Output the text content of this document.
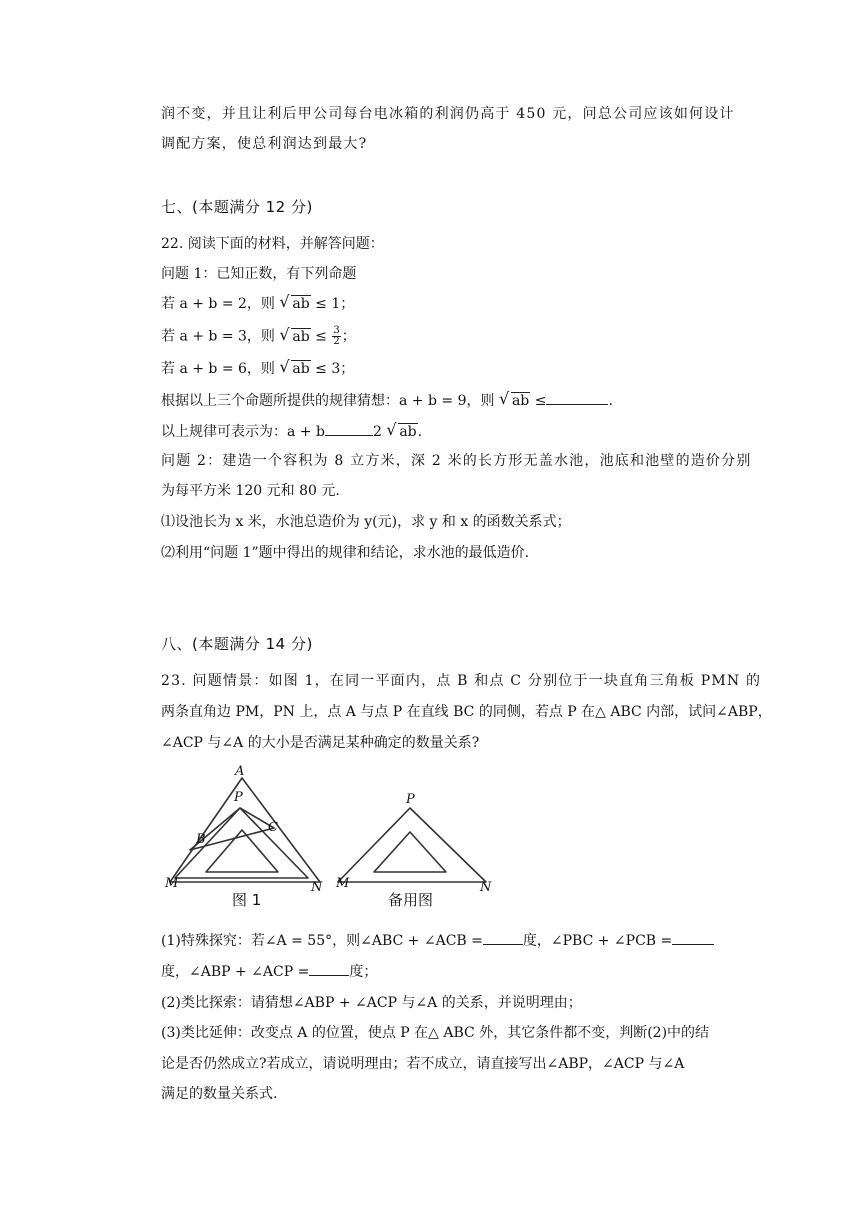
润不变，并且让利后甲公司每台电冰箱的利润仍高于 450 元，问总公司应该如何设计
调配方案，使总利润达到最大?
七、(本题满分 12 分)
22. 阅读下面的材料，并解答问题：
问题 1：已知正数，有下列命题
若 a + b = 2，则 √ ab ≤ 1；
若 a + b = 3，则 √ ab ≤ $\frac{3}{2}$ ；
若 a + b = 6，则 √ ab ≤ 3；
根据以上三个命题所提供的规律猜想：a + b = 9，则 √ ab ≤	.
以上规律可表示为：a + b	2 √ ab.
问题 2：建造一个容积为 8 立方米，深 2 米的长方形无盖水池，池底和池壁的造价分别
为每平方米 120 元和 80 元.
⑴设池长为 x 米，水池总造价为 y(元)，求 y 和 x 的函数关系式；
⑵利用“问题 1”题中得出的规律和结论，求水池的最低造价.
八、(本题满分 14 分)
23. 问题情景：如图 1，在同一平面内，点 B 和点 C 分别位于一块直角三角板 PMN 的
两条直角边 PM，PN 上，点 A 与点 P 在直线 BC 的同侧，若点 P 在△ ABC 内部，试问∠ABP，
∠ACP 与∠A 的大小是否满足某种确定的数量关系?
A
P
B
C
M	N
P
M	N
图 1	备用图
(1)特殊探究：若∠A = 55°，则∠ABC + ∠ACB =	度，∠PBC + ∠PCB =
度，∠ABP + ∠ACP =	度；
(2)类比探索：请猜想∠ABP + ∠ACP 与∠A 的关系，并说明理由；
(3)类比延伸：改变点 A 的位置，使点 P 在△ ABC 外，其它条件都不变，判断(2)中的结
论是否仍然成立?若成立，请说明理由；若不成立，请直接写出∠ABP，∠ACP 与∠A
满足的数量关系式.
